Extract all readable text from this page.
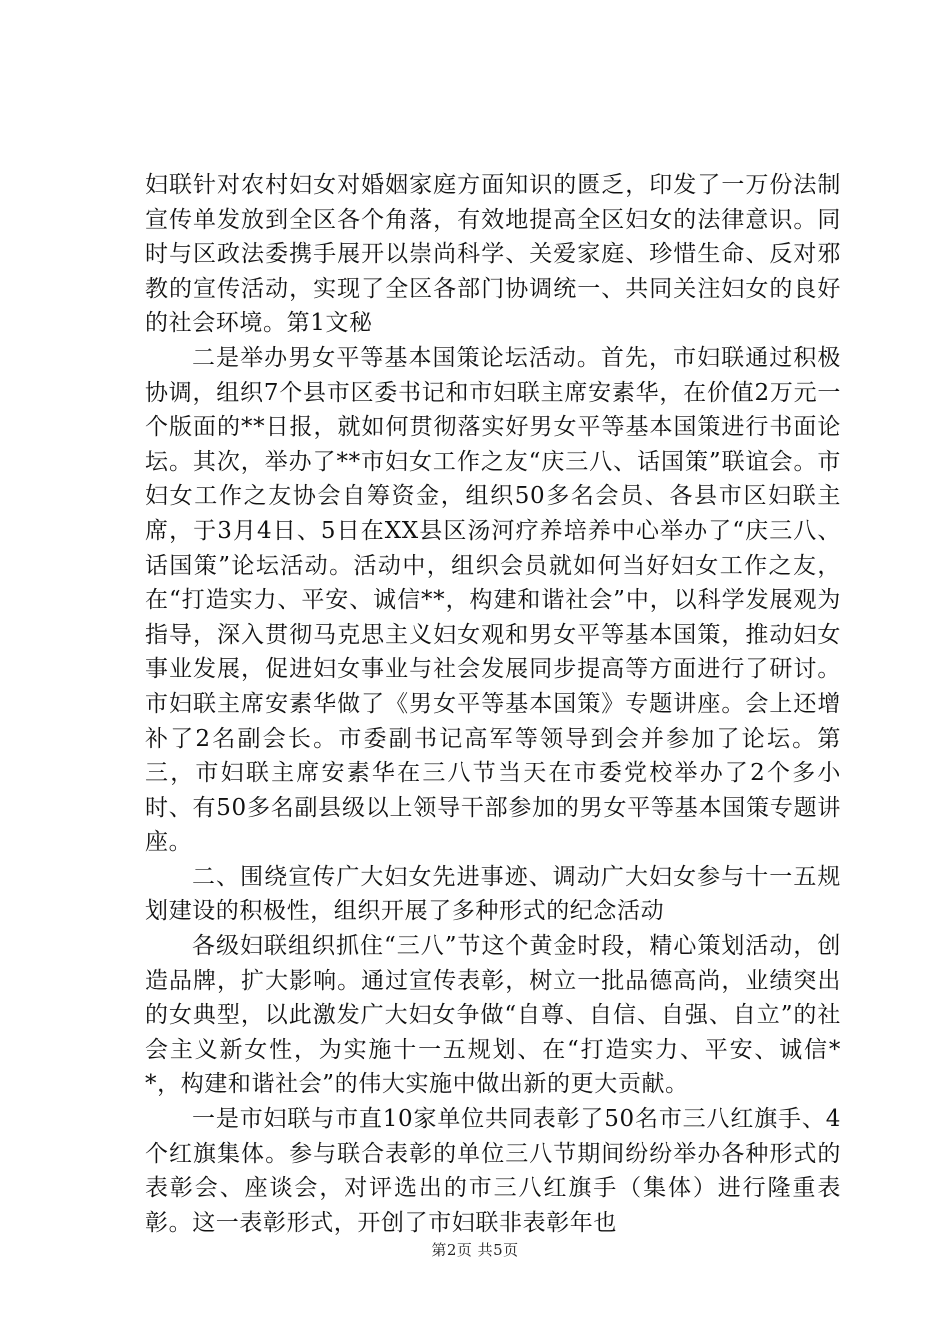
妇联针对农村妇女对婚姻家庭方面知识的匮乏，印发了一万份法制宣传单发放到全区各个角落，有效地提高全区妇女的法律意识。同时与区政法委携手展开以崇尚科学、关爱家庭、珍惜生命、反对邪教的宣传活动，实现了全区各部门协调统一、共同关注妇女的良好的社会环境。第1文秘

二是举办男女平等基本国策论坛活动。首先，市妇联通过积极协调，组织7个县市区委书记和市妇联主席安素华，在价值2万元一个版面的**日报，就如何贯彻落实好男女平等基本国策进行书面论坛。其次，举办了**市妇女工作之友“庆三八、话国策”联谊会。市妇女工作之友协会自筹资金，组织50多名会员、各县市区妇联主席，于3月4日、5日在XX县区汤河疗养培养中心举办了“庆三八、话国策”论坛活动。活动中，组织会员就如何当好妇女工作之友，在“打造实力、平安、诚信**，构建和谐社会”中，以科学发展观为指导，深入贯彻马克思主义妇女观和男女平等基本国策，推动妇女事业发展，促进妇女事业与社会发展同步提高等方面进行了研讨。市妇联主席安素华做了《男女平等基本国策》专题讲座。会上还增补了2名副会长。市委副书记高军等领导到会并参加了论坛。第三，市妇联主席安素华在三八节当天在市委党校举办了2个多小时、有50多名副县级以上领导干部参加的男女平等基本国策专题讲座。

二、围绕宣传广大妇女先进事迹、调动广大妇女参与十一五规划建设的积极性，组织开展了多种形式的纪念活动

各级妇联组织抓住“三八”节这个黄金时段，精心策划活动，创造品牌，扩大影响。通过宣传表彰，树立一批品德高尚，业绩突出的女典型，以此激发广大妇女争做“自尊、自信、自强、自立”的社会主义新女性，为实施十一五规划、在“打造实力、平安、诚信**，构建和谐社会”的伟大实施中做出新的更大贡献。

一是市妇联与市直10家单位共同表彰了50名市三八红旗手、4个红旗集体。参与联合表彰的单位三八节期间纷纷举办各种形式的表彰会、座谈会，对评选出的市三八红旗手（集体）进行隆重表彰。这一表彰形式，开创了市妇联非表彰年也

第2页 共5页
